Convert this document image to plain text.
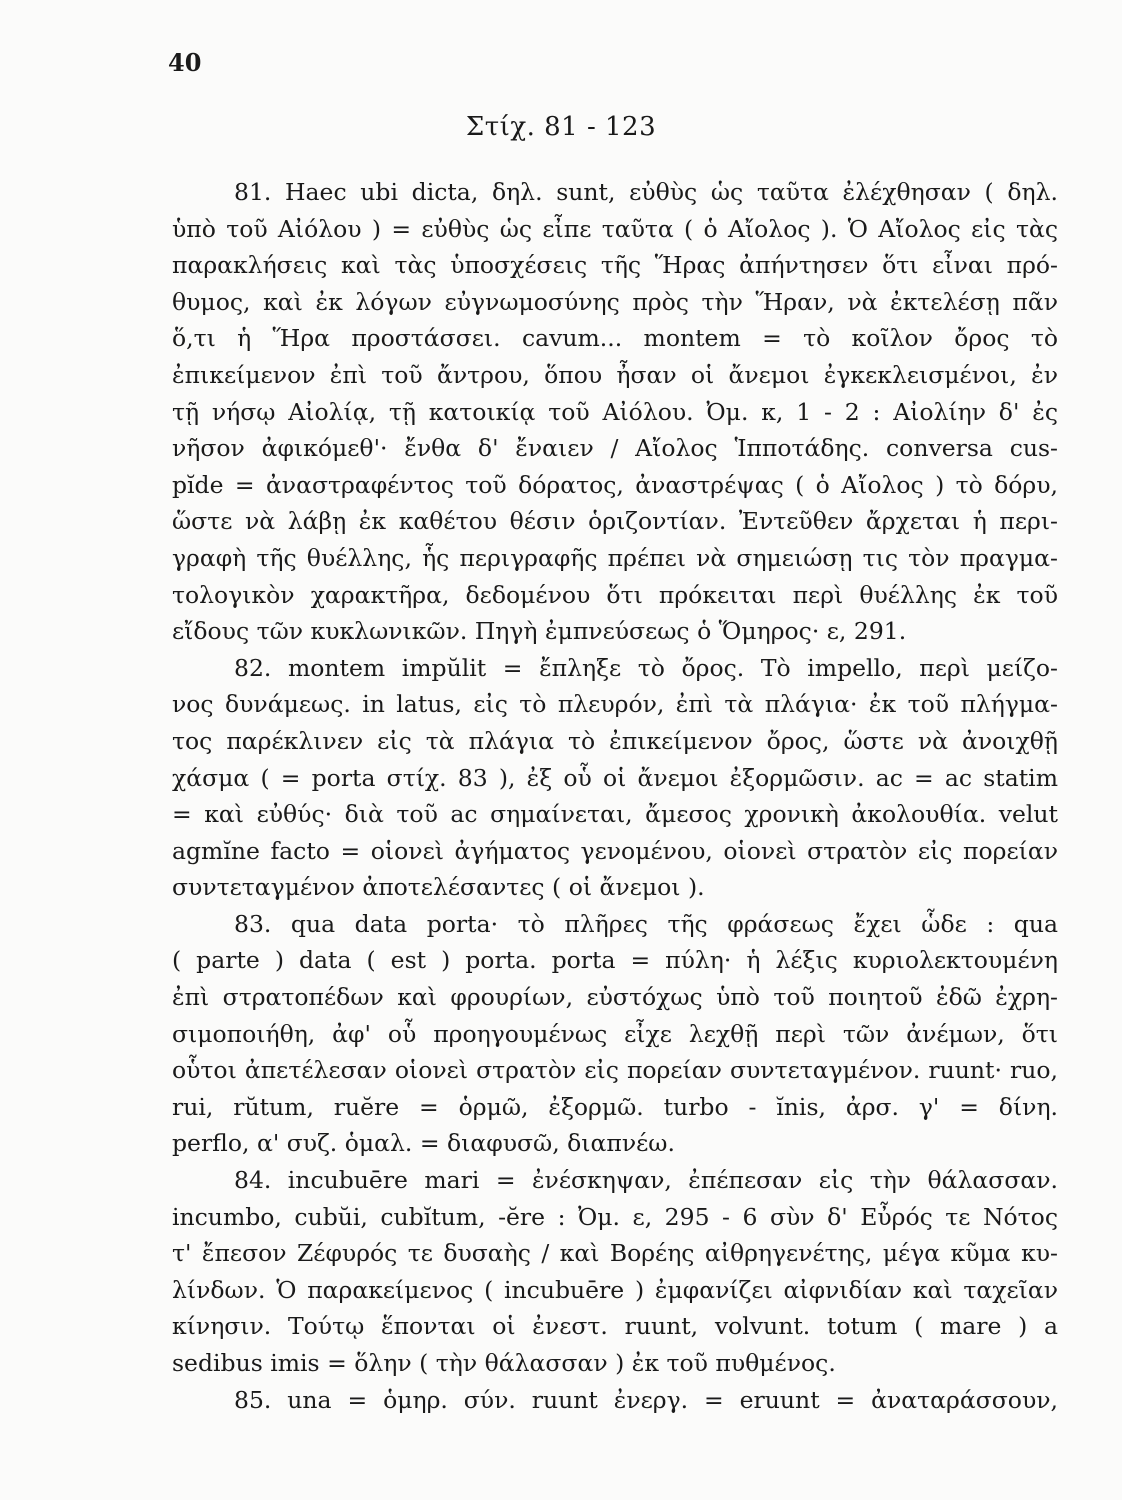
40
Στίχ. 81 - 123
81. Haec ubi dicta, δηλ. sunt, εὐθὺς ὡς ταῦτα ἐλέχθησαν ( δηλ.
ὑπὸ τοῦ Αἰόλου ) = εὐθὺς ὡς εἶπε ταῦτα ( ὁ Αἴολος ). Ὁ Αἴολος εἰς τὰς
παρακλήσεις καὶ τὰς ὑποσχέσεις τῆς Ἥρας ἀπήντησεν ὅτι εἶναι πρό-
θυμος, καὶ ἐκ λόγων εὐγνωμοσύνης πρὸς τὴν Ἥραν, νὰ ἐκτελέσῃ πᾶν
ὅ,τι ἡ Ἥρα προστάσσει. cavum... montem = τὸ κοῖλον ὄρος τὸ
ἐπικείμενον ἐπὶ τοῦ ἄντρου, ὅπου ἦσαν οἱ ἄνεμοι ἐγκεκλεισμένοι, ἐν
τῇ νήσῳ Αἰολίᾳ, τῇ κατοικίᾳ τοῦ Αἰόλου. Ὀμ. κ, 1 - 2 : Αἰολίην δ' ἐς
νῆσον ἀφικόμεθ'· ἔνθα δ' ἔναιεν / Αἴολος Ἱπποτάδης. conversa cus-
pĭde = ἀναστραφέντος τοῦ δόρατος, ἀναστρέψας ( ὁ Αἴολος ) τὸ δόρυ,
ὥστε νὰ λάβῃ ἐκ καθέτου θέσιν ὁριζοντίαν. Ἐντεῦθεν ἄρχεται ἡ περι-
γραφὴ τῆς θυέλλης, ἧς περιγραφῆς πρέπει νὰ σημειώσῃ τις τὸν πραγμα-
τολογικὸν χαρακτῆρα, δεδομένου ὅτι πρόκειται περὶ θυέλλης ἐκ τοῦ
εἴδους τῶν κυκλωνικῶν. Πηγὴ ἐμπνεύσεως ὁ Ὅμηρος· ε, 291.
82. montem impŭlit = ἔπληξε τὸ ὄρος. Τὸ impello, περὶ μείζο-
νος δυνάμεως. in latus, εἰς τὸ πλευρόν, ἐπὶ τὰ πλάγια· ἐκ τοῦ πλήγμα-
τος παρέκλινεν εἰς τὰ πλάγια τὸ ἐπικείμενον ὄρος, ὥστε νὰ ἀνοιχθῇ
χάσμα ( = porta στίχ. 83 ), ἐξ οὗ οἱ ἄνεμοι ἐξορμῶσιν. ac = ac statim
= καὶ εὐθύς· διὰ τοῦ ac σημαίνεται, ἄμεσος χρονικὴ ἀκολουθία. velut
agmĭne facto = οἱονεὶ ἀγήματος γενομένου, οἱονεὶ στρατὸν εἰς πορείαν
συντεταγμένον ἀποτελέσαντες ( οἱ ἄνεμοι ).
83. qua data porta· τὸ πλῆρες τῆς φράσεως ἔχει ὧδε : qua
( parte ) data ( est ) porta. porta = πύλη· ἡ λέξις κυριολεκτουμένη
ἐπὶ στρατοπέδων καὶ φρουρίων, εὐστόχως ὑπὸ τοῦ ποιητοῦ ἐδῶ ἐχρη-
σιμοποιήθη, ἀφ' οὗ προηγουμένως εἶχε λεχθῇ περὶ τῶν ἀνέμων, ὅτι
οὗτοι ἀπετέλεσαν οἱονεὶ στρατὸν εἰς πορείαν συντεταγμένον. ruunt· ruo,
rui, rŭtum, ruĕre = ὁρμῶ, ἐξορμῶ. turbo - ĭnis, ἀρσ. γ' = δίνη.
perflo, α' συζ. ὁμαλ. = διαφυσῶ, διαπνέω.
84. incubuēre mari = ἐνέσκηψαν, ἐπέπεσαν εἰς τὴν θάλασσαν.
incumbo, cubŭi, cubĭtum, -ĕre : Ὀμ. ε, 295 - 6 σὺν δ' Εὖρός τε Νότος
τ' ἔπεσον Ζέφυρός τε δυσαὴς / καὶ Βορέης αἰθρηγενέτης, μέγα κῦμα κυ-
λίνδων. Ὁ παρακείμενος ( incubuēre ) ἐμφανίζει αἰφνιδίαν καὶ ταχεῖαν
κίνησιν. Τούτῳ ἕπονται οἱ ἐνεστ. ruunt, volvunt. totum ( mare ) a
sedibus imis = ὅλην ( τὴν θάλασσαν ) ἐκ τοῦ πυθμένος.
85. una = ὁμηρ. σύν. ruunt ἐνεργ. = eruunt = ἀναταράσσουν,
